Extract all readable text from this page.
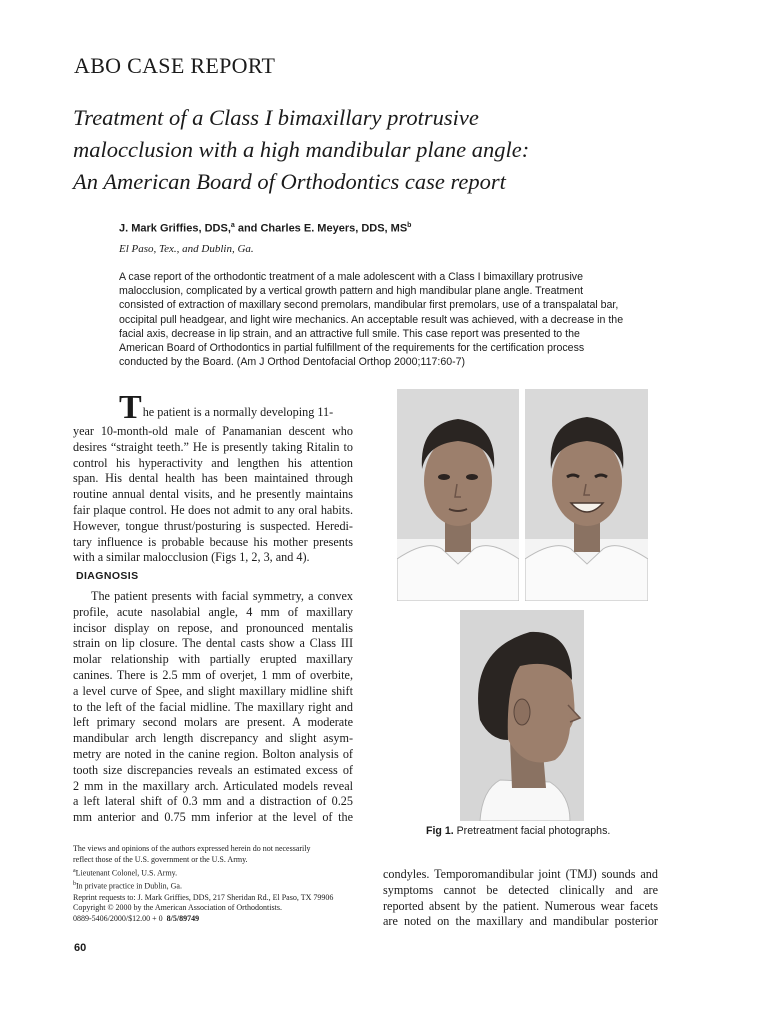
ABO CASE REPORT
Treatment of a Class I bimaxillary protrusive
malocclusion with a high mandibular plane angle:
An American Board of Orthodontics case report
J. Mark Griffies, DDS,$^a$ and Charles E. Meyers, DDS, $MS^b$
El Paso, Tex., and Dublin, Ga.

A case report of the orthodontic treatment of a male adolescent with a Class I bimaxillary protrusive
malocclusion, complicated by a vertical growth pattern and high mandibular plane angle. Treatment
consisted of extraction of maxillary second premolars, mandibular first premolars, use of a transpalatal bar,
occipital pull headgear, and light wire mechanics. An acceptable result was achieved, with a decrease in the
facial axis, decrease in lip strain, and an attractive full smile. This case report was presented to the
American Board of Orthodontics in partial fulfillment of the requirements for the certification process
conducted by the Board. (Am J Orthod Dentofacial Orthop 2000;117:60-7)

T he patient is a normally developing 11-
year 10-month-old male of Panamanian descent who
desires “straight teeth.” He is presently taking Ritalin to
control his hyperactivity and lengthen his attention
span. His dental health has been maintained through
routine annual dental visits, and he presently maintains
fair plaque control. He does not admit to any oral habits.
However, tongue thrust/posturing is suspected. Heredi-
tary influence is probable because his mother presents
with a similar malocclusion (Figs 1, 2, 3, and 4).
DIAGNOSIS
The patient presents with facial symmetry, a convex
profile, acute nasolabial angle, 4 mm of maxillary
incisor display on repose, and pronounced mentalis
strain on lip closure. The dental casts show a Class III
molar relationship with partially erupted maxillary
canines. There is 2.5 mm of overjet, 1 mm of overbite,
a level curve of Spee, and slight maxillary midline shift
to the left of the facial midline. The maxillary right and
left primary second molars are present. A moderate
mandibular arch length discrepancy and slight asym-
metry are noted in the canine region. Bolton analysis of
tooth size discrepancies reveals an estimated excess of
2 mm in the maxillary arch. Articulated models reveal
a left lateral shift of 0.3 mm and a distraction of 0.25
mm anterior and 0.75 mm inferior at the level of the
The views and opinions of the authors expressed herein do not necessarily
reflect those of the U.S. government or the U.S. Army.
$^a$Lieutenant Colonel, U.S. Army.
$^b$In private practice in Dublin, Ga.
Reprint requests to: J. Mark Griffies, DDS, 217 Sheridan Rd., El Paso, TX 79906
Copyright © 2000 by the American Association of Orthodontists.
0889-5406/2000/$12.00 + 0  8/5/89749
60
condyles. Temporomandibular joint (TMJ) sounds and
symptoms cannot be detected clinically and are
reported absent by the patient. Numerous wear facets
are noted on the maxillary and mandibular posterior
Fig 1. Pretreatment facial photographs.
